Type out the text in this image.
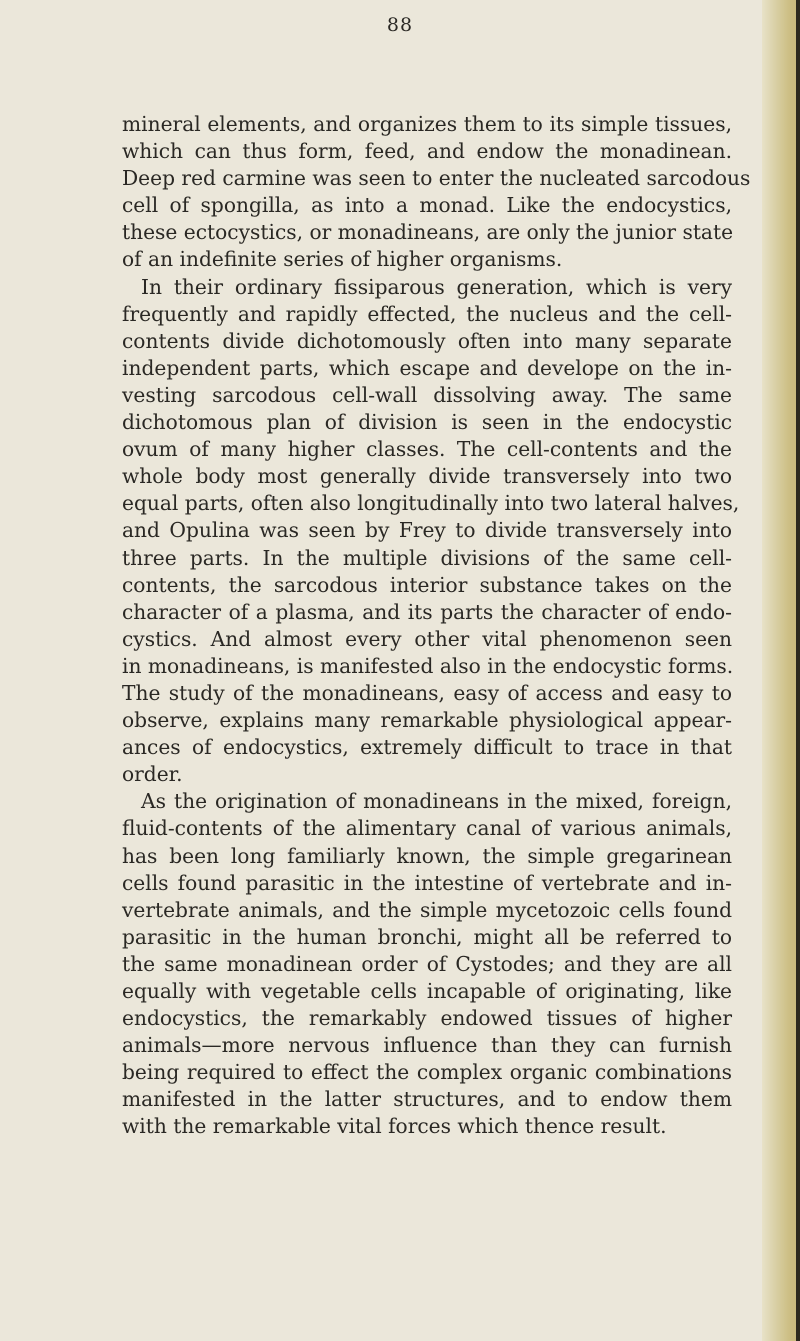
88
mineral elements, and organizes them to its simple tissues,
which can thus form, feed, and endow the monadinean.
Deep red carmine was seen to enter the nucleated sarcodous
cell of spongilla, as into a monad. Like the endocystics,
these ectocystics, or monadineans, are only the junior state
of an indefinite series of higher organisms.
In their ordinary fissiparous generation, which is very
frequently and rapidly effected, the nucleus and the cell-
contents divide dichotomously often into many separate
independent parts, which escape and develope on the in-
vesting sarcodous cell-wall dissolving away. The same
dichotomous plan of division is seen in the endocystic
ovum of many higher classes. The cell-contents and the
whole body most generally divide transversely into two
equal parts, often also longitudinally into two lateral halves,
and Opulina was seen by Frey to divide transversely into
three parts. In the multiple divisions of the same cell-
contents, the sarcodous interior substance takes on the
character of a plasma, and its parts the character of endo-
cystics. And almost every other vital phenomenon seen
in monadineans, is manifested also in the endocystic forms.
The study of the monadineans, easy of access and easy to
observe, explains many remarkable physiological appear-
ances of endocystics, extremely difficult to trace in that
order.
As the origination of monadineans in the mixed, foreign,
fluid-contents of the alimentary canal of various animals,
has been long familiarly known, the simple gregarinean
cells found parasitic in the intestine of vertebrate and in-
vertebrate animals, and the simple mycetozoic cells found
parasitic in the human bronchi, might all be referred to
the same monadinean order of Cystodes; and they are all
equally with vegetable cells incapable of originating, like
endocystics, the remarkably endowed tissues of higher
animals—more nervous influence than they can furnish
being required to effect the complex organic combinations
manifested in the latter structures, and to endow them
with the remarkable vital forces which thence result.
